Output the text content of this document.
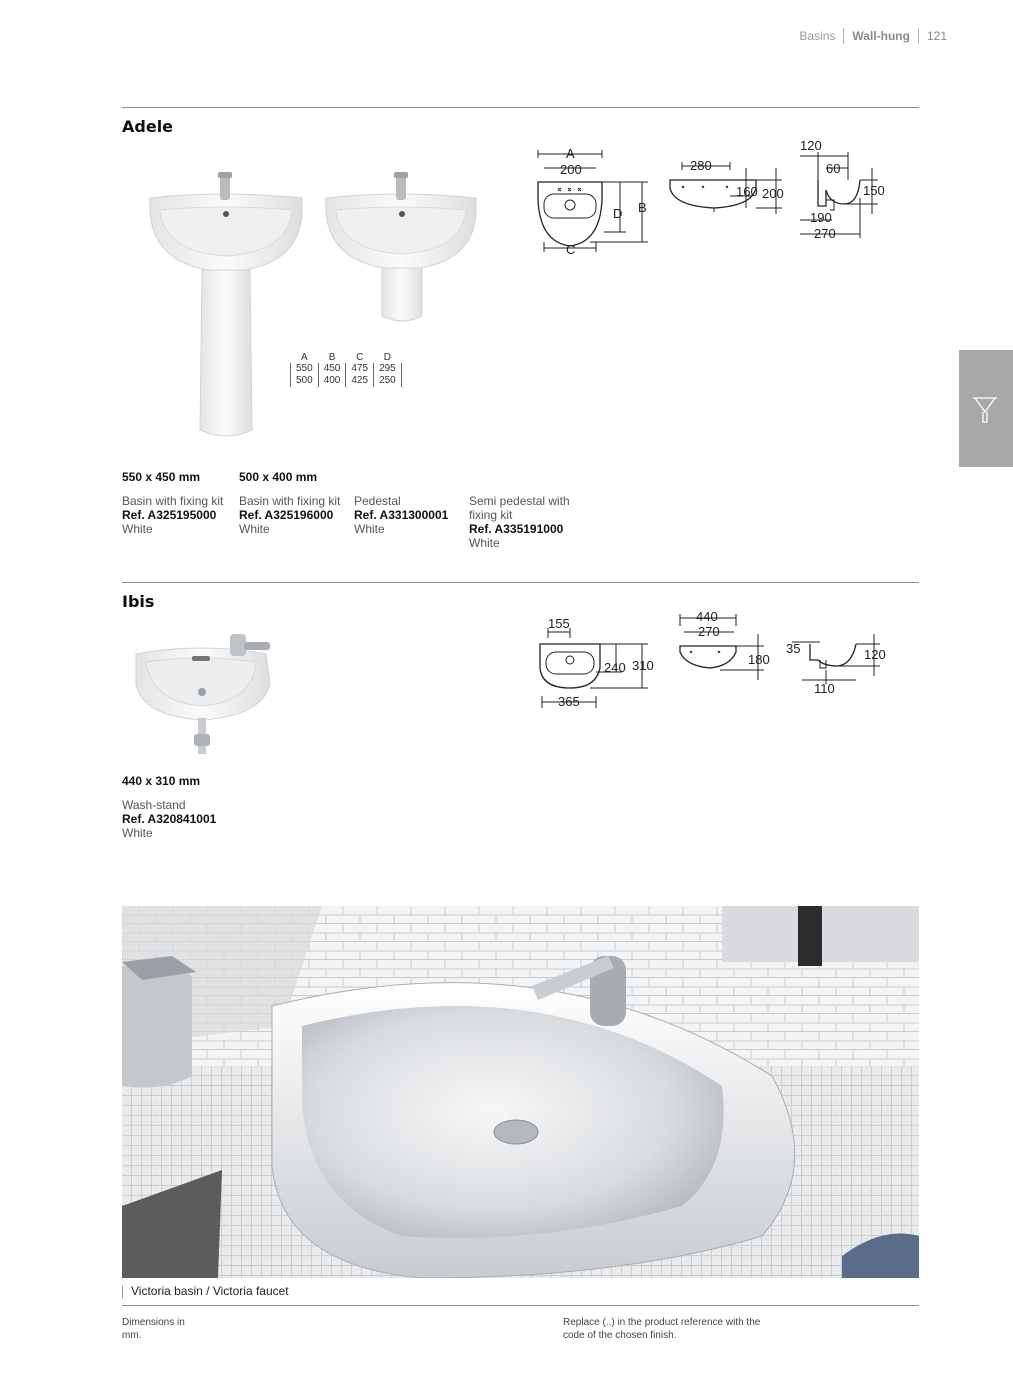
Basins Wall-hung 121
Adele
A	B	C	D
550	450	475	295
500	400	425	250
A
200
C
D B
280
160 200
120
60
150
190
270
550 x 450 mm
Basin with fixing kit
Ref. A325195000
White
500 x 400 mm
Basin with fixing kit
Ref. A325196000
White
Pedestal
Ref. A331300001
White
Semi pedestal with fixing kit
Ref. A335191000
White
Ibis
155
240 310
365
440
270
180
35	120
110
440 x 310 mm
Wash-stand
Ref. A320841001
White
Victoria basin / Victoria faucet
Dimensions in mm.
Replace (..) in the product reference with the code of the chosen finish.
